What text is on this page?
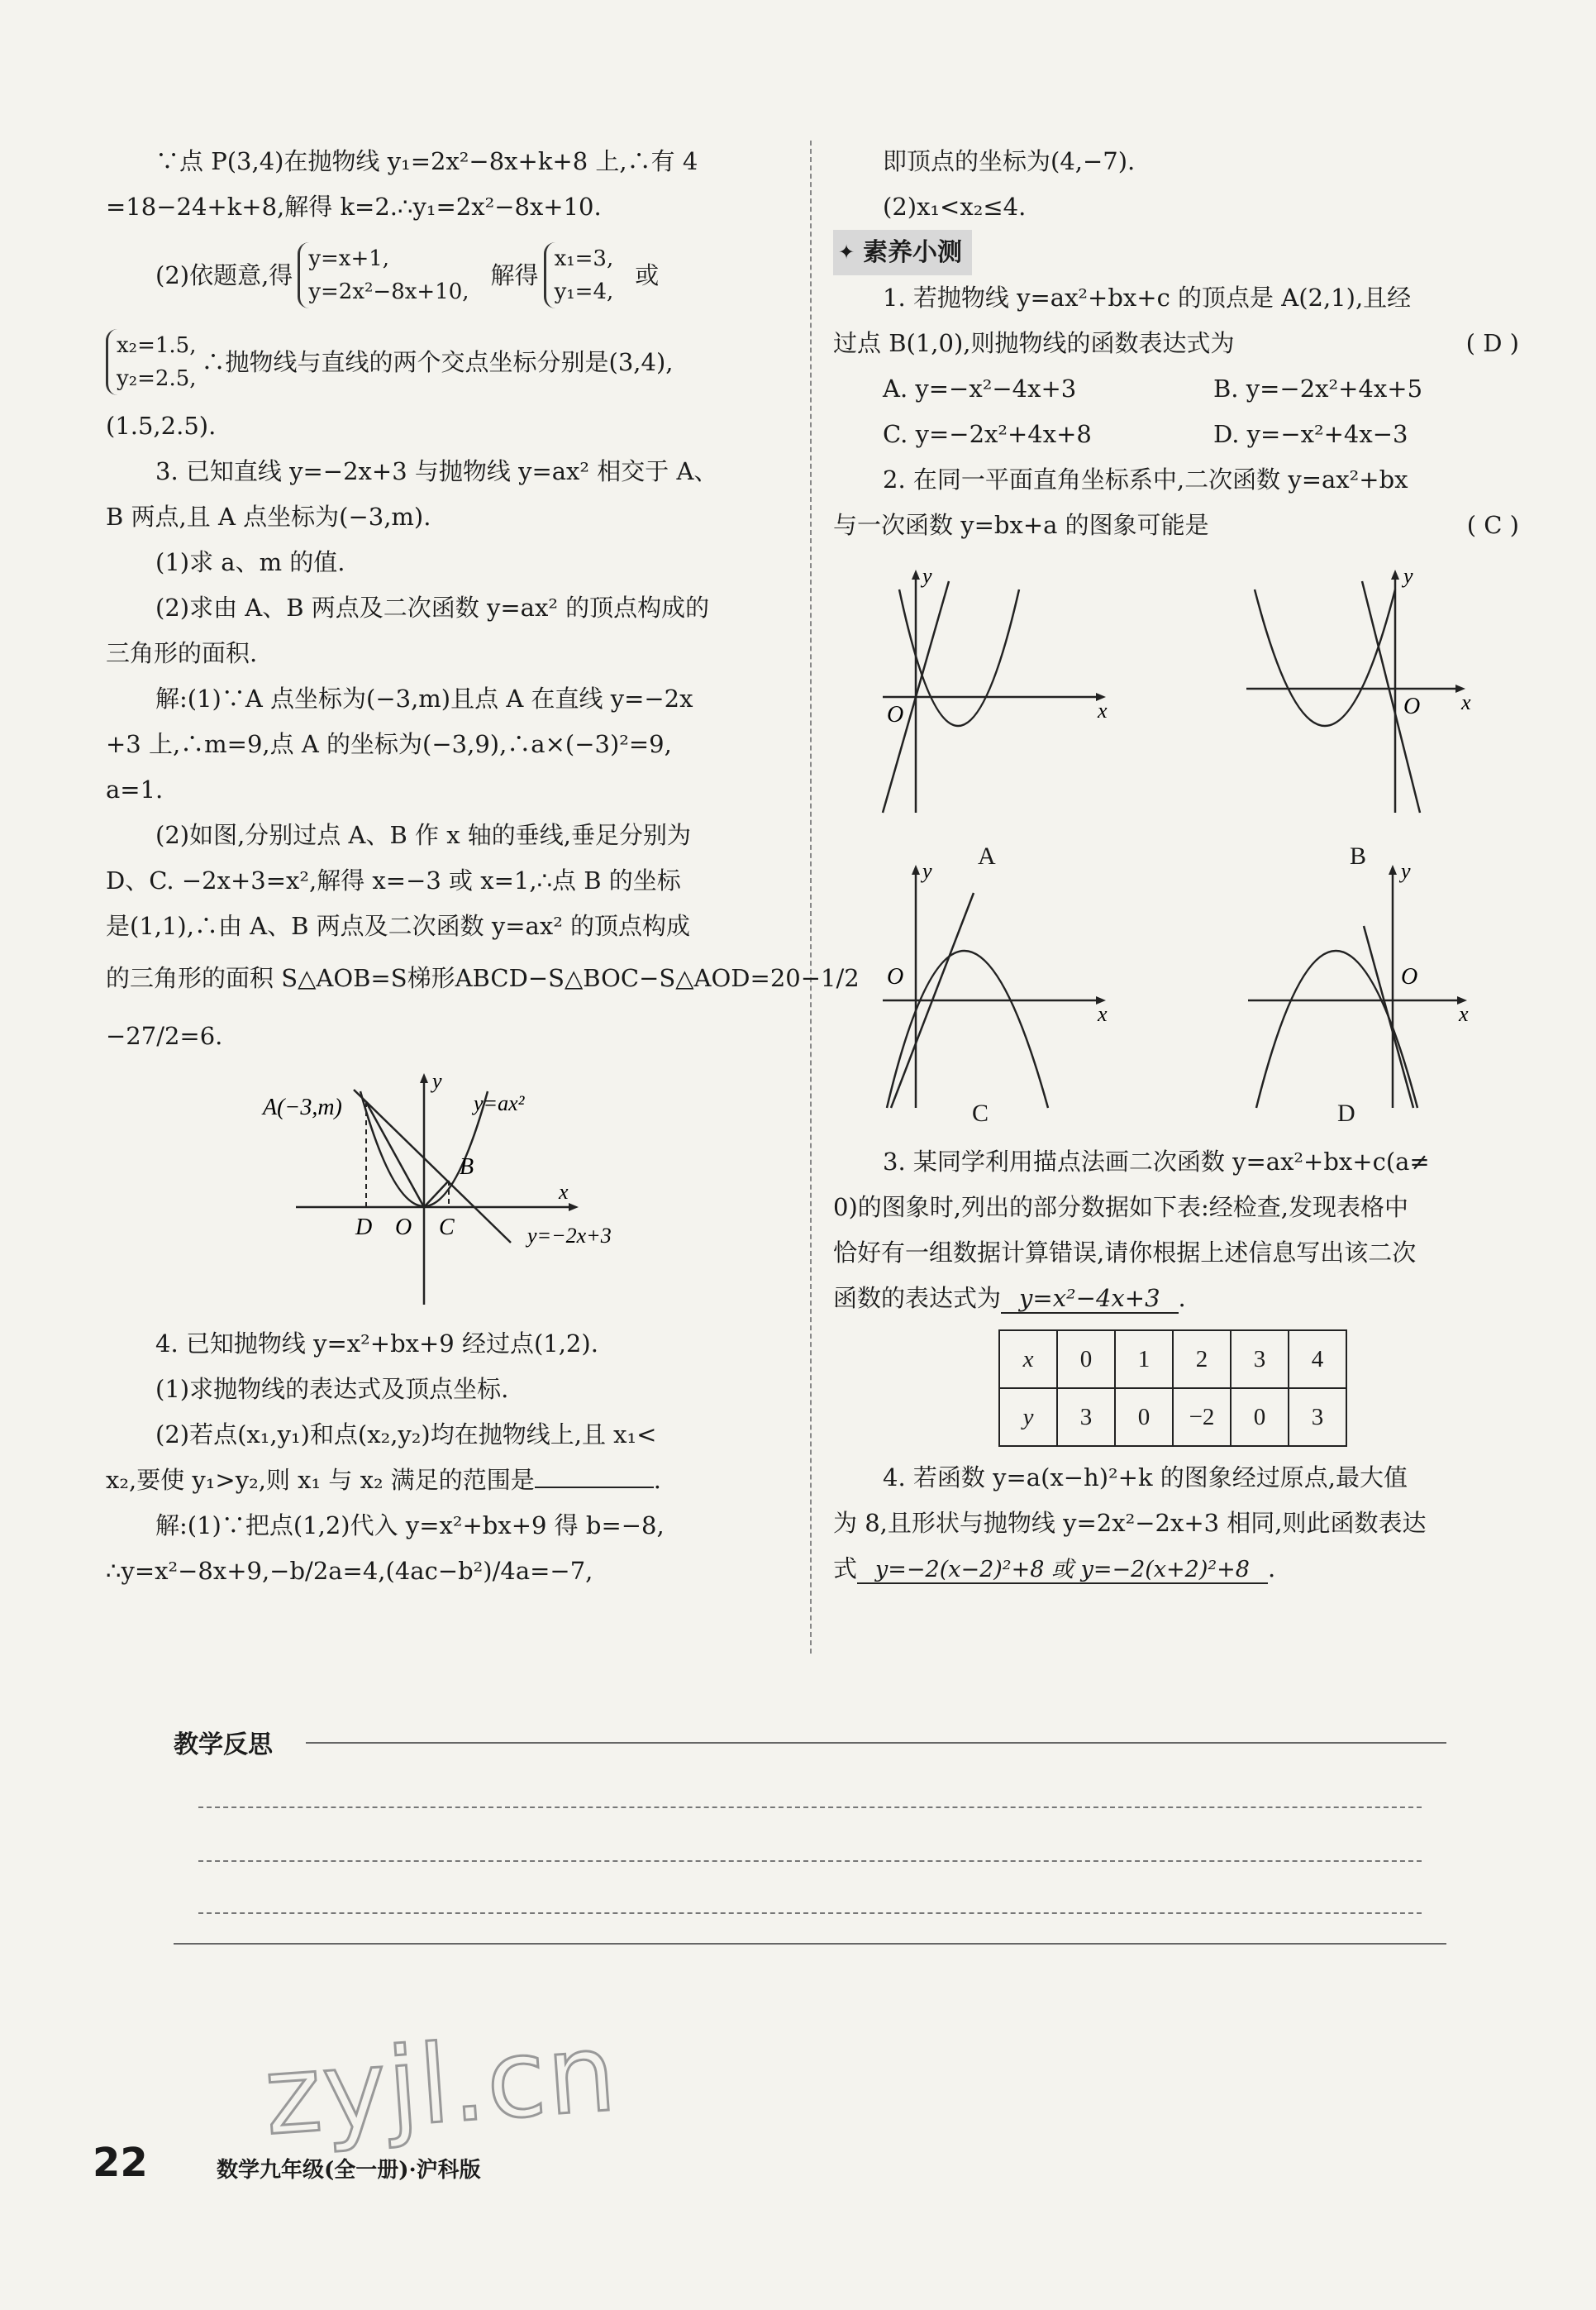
∵点 P(3,4)在抛物线 y₁=2x²−8x+k+8 上,∴有 4
=18−24+k+8,解得 k=2.∴y₁=2x²−8x+10.
(2)依题意,得
y=x+1,
y=2x²−8x+10,
解得
x₁=3,
y₁=4,
或
x₂=1.5,
y₂=2.5,
∴抛物线与直线的两个交点坐标分别是(3,4),
(1.5,2.5).
3. 已知直线 y=−2x+3 与抛物线 y=ax² 相交于 A、
B 两点,且 A 点坐标为(−3,m).
(1)求 a、m 的值.
(2)求由 A、B 两点及二次函数 y=ax² 的顶点构成的
三角形的面积.
解:(1)∵A 点坐标为(−3,m)且点 A 在直线 y=−2x
+3 上,∴m=9,点 A 的坐标为(−3,9),∴a×(−3)²=9,
a=1.
(2)如图,分别过点 A、B 作 x 轴的垂线,垂足分别为
D、C. −2x+3=x²,解得 x=−3 或 x=1,∴点 B 的坐标
是(1,1),∴由 A、B 两点及二次函数 y=ax² 的顶点构成
的三角形的面积 S△AOB=S梯形ABCD−S△BOC−S△AOD=20−1/2
−27/2=6.
A(−3,m)	y=ax²
B
D O C	y=−2x+3
x
y
4. 已知抛物线 y=x²+bx+9 经过点(1,2).
(1)求抛物线的表达式及顶点坐标.
(2)若点(x₁,y₁)和点(x₂,y₂)均在抛物线上,且 x₁<
x₂,要使 y₁>y₂,则 x₁ 与 x₂ 满足的范围是	.
解:(1)∵把点(1,2)代入 y=x²+bx+9 得 b=−8,
∴y=x²−8x+9,−b/2a=4,(4ac−b²)/4a=−7,
即顶点的坐标为(4,−7).
(2)x₁<x₂≤4.
✦ 素养小测
1. 若抛物线 y=ax²+bx+c 的顶点是 A(2,1),且经
过点 B(1,0),则抛物线的函数表达式为	( D )
A. y=−x²−4x+3	B. y=−2x²+4x+5
C. y=−2x²+4x+8	D. y=−x²+4x−3
2. 在同一平面直角坐标系中,二次函数 y=ax²+bx
与一次函数 y=bx+a 的图象可能是	( C )
O	x
y
A
O x
y
B
O
x
y
C
O
x
y
D
3. 某同学利用描点法画二次函数 y=ax²+bx+c(a≠
0)的图象时,列出的部分数据如下表:经检查,发现表格中
恰好有一组数据计算错误,请你根据上述信息写出该二次
函数的表达式为 y=x²−4x+3 .
x	0	1	2	3	4
y	3	0	−2	0	3
4. 若函数 y=a(x−h)²+k 的图象经过原点,最大值
为 8,且形状与抛物线 y=2x²−2x+3 相同,则此函数表达
式 y=−2(x−2)²+8 或 y=−2(x+2)²+8 .
教学反思
zyjl.cn
22	数学九年级(全一册)·沪科版
